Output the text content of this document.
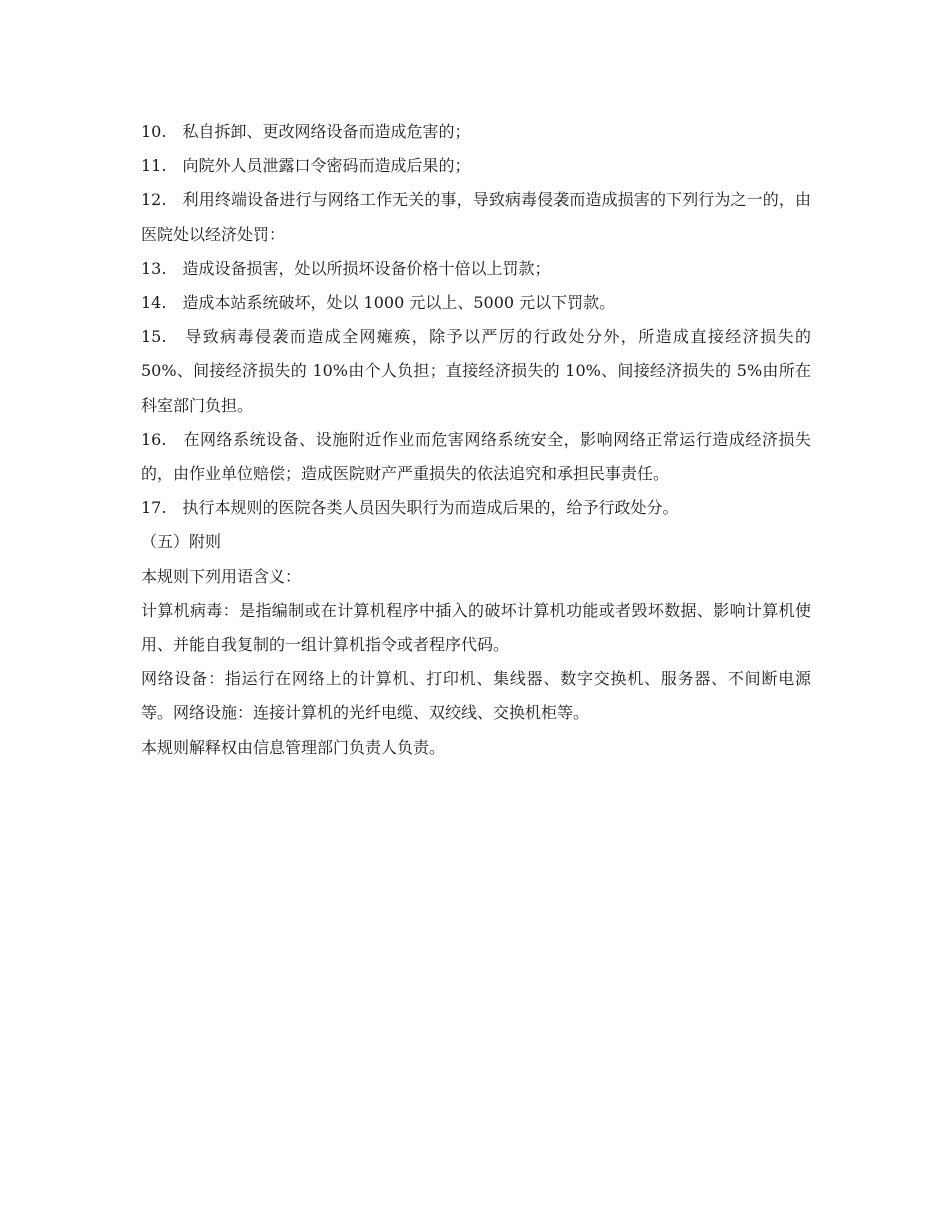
10.　私自拆卸、更改网络设备而造成危害的；

11.　向院外人员泄露口令密码而造成后果的；

12.　利用终端设备进行与网络工作无关的事，导致病毒侵袭而造成损害的下列行为之一的，由医院处以经济处罚：

13.　造成设备损害，处以所损坏设备价格十倍以上罚款；

14.　造成本站系统破坏，处以 1000 元以上、5000 元以下罚款。

15.　导致病毒侵袭而造成全网瘫痪，除予以严厉的行政处分外，所造成直接经济损失的 50%、间接经济损失的 10%由个人负担；直接经济损失的 10%、间接经济损失的 5%由所在科室部门负担。

16.　在网络系统设备、设施附近作业而危害网络系统安全，影响网络正常运行造成经济损失的，由作业单位赔偿；造成医院财产严重损失的依法追究和承担民事责任。

17.　执行本规则的医院各类人员因失职行为而造成后果的，给予行政处分。

（五）附则

本规则下列用语含义：

计算机病毒：是指编制或在计算机程序中插入的破坏计算机功能或者毁坏数据、影响计算机使用、并能自我复制的一组计算机指令或者程序代码。

网络设备：指运行在网络上的计算机、打印机、集线器、数字交换机、服务器、不间断电源等。网络设施：连接计算机的光纤电缆、双绞线、交换机柜等。

本规则解释权由信息管理部门负责人负责。
